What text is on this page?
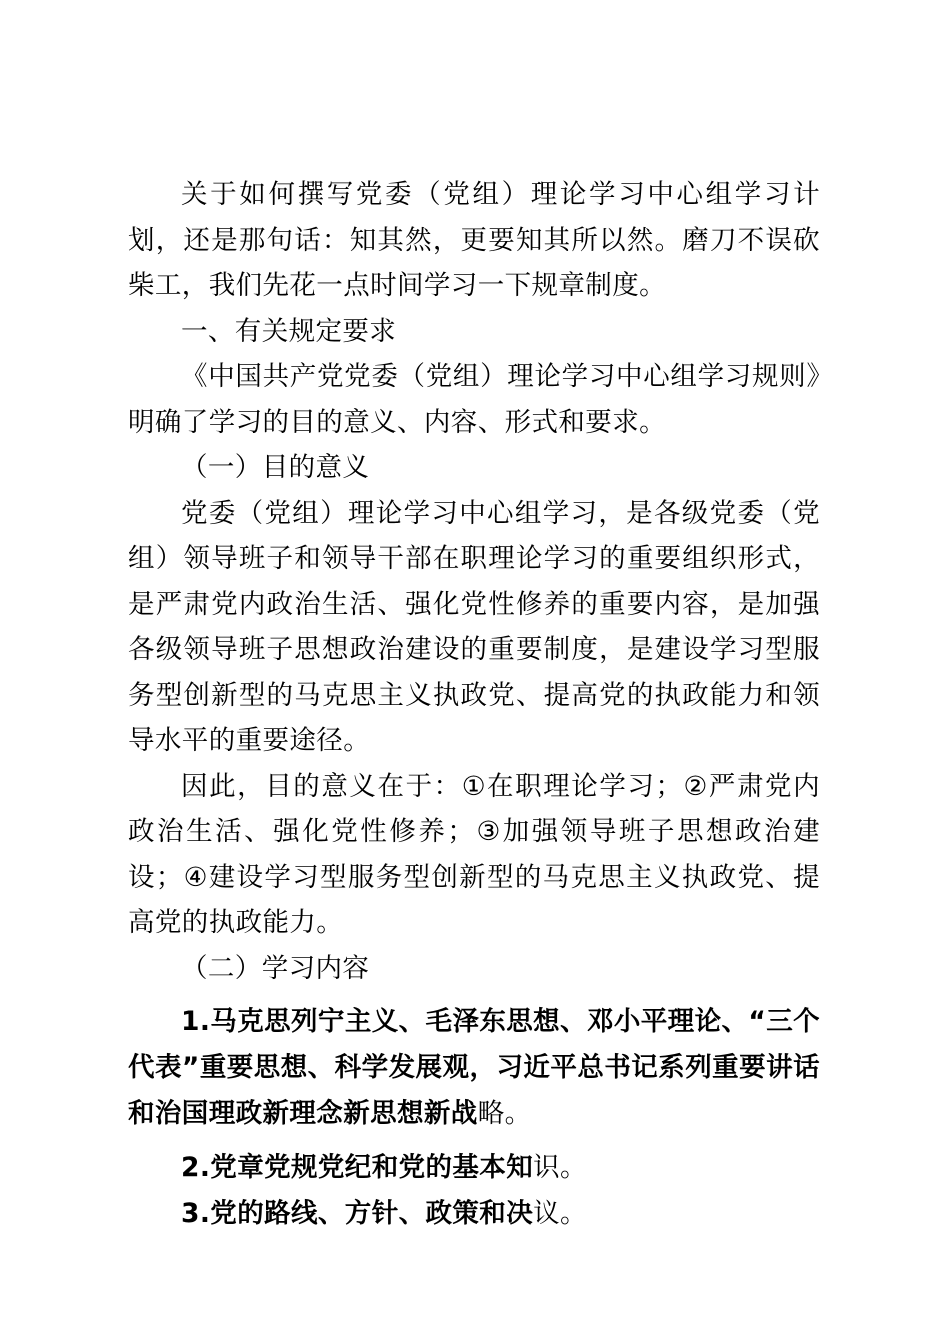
关于如何撰写党委（党组）理论学习中心组学习计划，还是那句话：知其然，更要知其所以然。磨刀不误砍柴工，我们先花一点时间学习一下规章制度。

一、有关规定要求

《中国共产党党委（党组）理论学习中心组学习规则》明确了学习的目的意义、内容、形式和要求。

（一）目的意义

党委（党组）理论学习中心组学习，是各级党委（党组）领导班子和领导干部在职理论学习的重要组织形式，是严肃党内政治生活、强化党性修养的重要内容，是加强各级领导班子思想政治建设的重要制度，是建设学习型服务型创新型的马克思主义执政党、提高党的执政能力和领导水平的重要途径。

因此，目的意义在于：①在职理论学习；②严肃党内政治生活、强化党性修养；③加强领导班子思想政治建设；④建设学习型服务型创新型的马克思主义执政党、提高党的执政能力。

（二）学习内容

1.马克思列宁主义、毛泽东思想、邓小平理论、“三个代表”重要思想、科学发展观，习近平总书记系列重要讲话和治国理政新理念新思想新战略。

2.党章党规党纪和党的基本知识。

3.党的路线、方针、政策和决议。
